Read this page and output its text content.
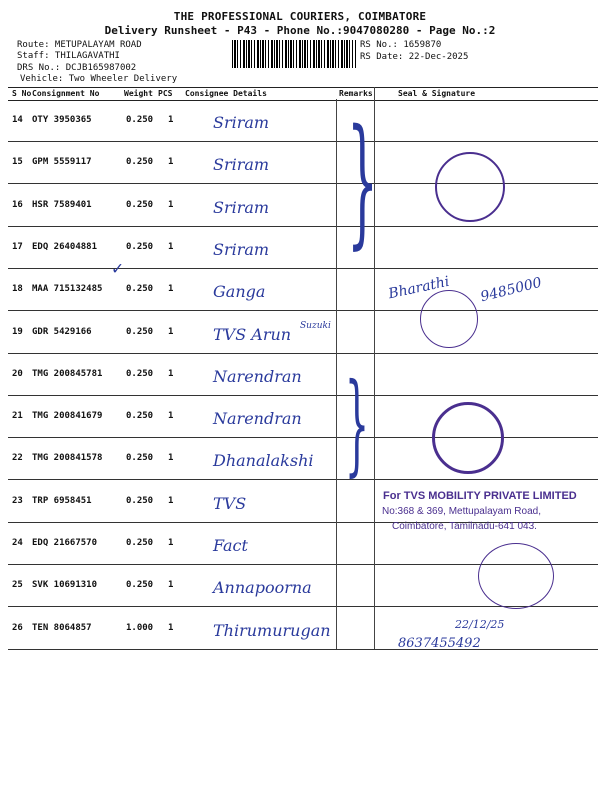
THE PROFESSIONAL COURIERS, COIMBATORE
Delivery Runsheet - P43 - Phone No.:9047080280 - Page No.:2
Route: METUPALAYAM ROAD
Staff: THILAGAVATHI
DRS No.: DCJB165987002
Vehicle: Two Wheeler Delivery
RS No.: 1659870
RS Date: 22-Dec-2025
S No Consignment No	Weight PCS Consignee Details	Remarks	Seal & Signature
14 OTY 3950365	0.250 1 Sriram
15 GPM 5559117	0.250 1 Sriram
16 HSR 7589401	0.250 1 Sriram
17 EDQ 26404881	0.250 1 Sriram
18 MAA 715132485	0.250 1 Ganga
19 GDR 5429166	0.250 1 TVS Arun
20 TMG 200845781	0.250 1 Narendran
21 TMG 200841679	0.250 1 Narendran
22 TMG 200841578	0.250 1 Dhanalakshi
23 TRP 6958451	0.250 1 TVS
24 EDQ 21667570	0.250 1 Fact
25 SVK 10691310	0.250 1 Annapoorna
26 TEN 8064857	1.000 1 Thirumurugan
}
}
✓
Suzuki
For TVS MOBILITY PRIVATE LIMITED
No:368 & 369, Mettupalayam Road,
Coimbatore, Tamilnadu-641 043.
Bharathi 9485000
22/12/25
8637455492
